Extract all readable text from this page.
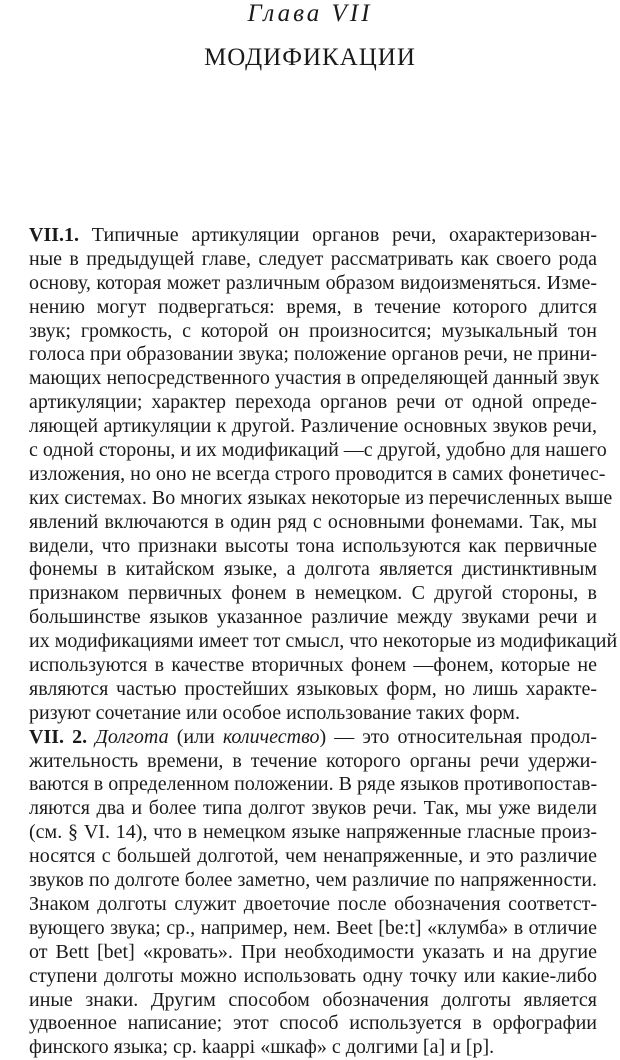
Глава VII
МОДИФИКАЦИИ
VII.1. Типичные артикуляции органов речи, охарактеризован-
ные в предыдущей главе, следует рассматривать как своего рода
основу, которая может различным образом видоизменяться. Изме-
нению могут подвергаться: время, в течение которого длится
звук; громкость, с которой он произносится; музыкальный тон
голоса при образовании звука; положение органов речи, не прини-
мающих непосредственного участия в определяющей данный звук
артикуляции; характер перехода органов речи от одной опреде-
ляющей артикуляции к другой. Различение основных звуков речи,
с одной стороны, и их модификаций —с другой, удобно для нашего
изложения, но оно не всегда строго проводится в самих фонетичес-
ких системах. Во многих языках некоторые из перечисленных выше
явлений включаются в один ряд с основными фонемами. Так, мы
видели, что признаки высоты тона используются как первичные
фонемы в китайском языке, а долгота является дистинктивным
признаком первичных фонем в немецком. С другой стороны, в
большинстве языков указанное различие между звуками речи и
их модификациями имеет тот смысл, что некоторые из модификаций
используются в качестве вторичных фонем —фонем, которые не
являются частью простейших языковых форм, но лишь характе-
ризуют сочетание или особое использование таких форм.
VII. 2. Долгота (или количество) — это относительная продол-
жительность времени, в течение которого органы речи удержи-
ваются в определенном положении. В ряде языков противопостав-
ляются два и более типа долгот звуков речи. Так, мы уже видели
(см. § VI. 14), что в немецком языке напряженные гласные произ-
носятся с большей долготой, чем ненапряженные, и это различие
звуков по долготе более заметно, чем различие по напряженности.
Знаком долготы служит двоеточие после обозначения соответст-
вующего звука; ср., например, нем. Beet [be:t] «клумба» в отличие
от Bett [bet] «кровать». При необходимости указать и на другие
ступени долготы можно использовать одну точку или какие-либо
иные знаки. Другим способом обозначения долготы является
удвоенное написание; этот способ используется в орфографии
финского языка; ср. kaappi «шкаф» с долгими [a] и [p].
